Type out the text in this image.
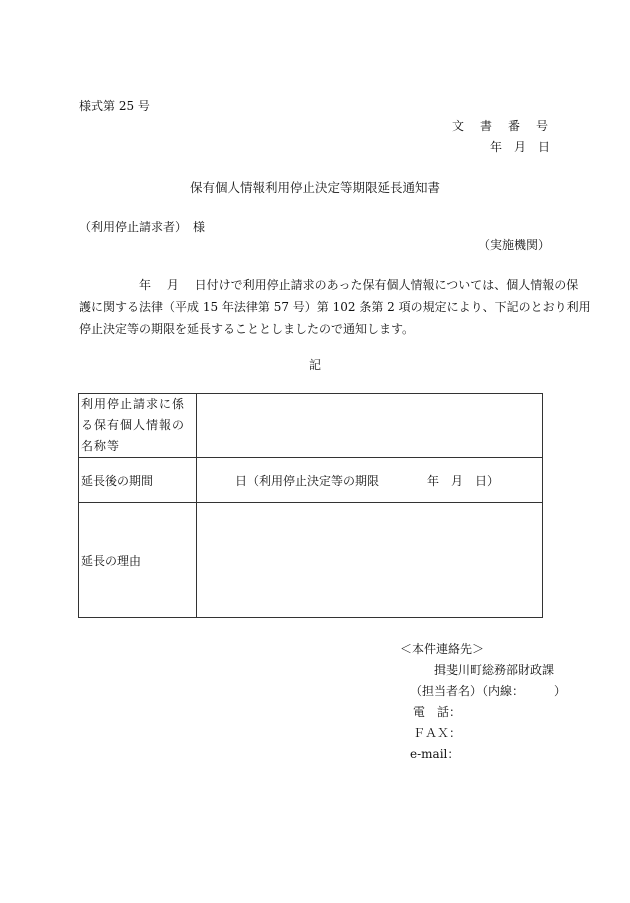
様式第 25 号
文　書　番　号
年　月　日
保有個人情報利用停止決定等期限延長通知書
（利用停止請求者）　様
（実施機関）

　　　　　年　 月　 日付けで利用停止請求のあった保有個人情報については、個人情報の保

護に関する法律（平成 15 年法律第 57 号）第 102 条第 2 項の規定により、下記のとおり利用

停止決定等の期限を延長することとしましたので通知します。

記
利用停止請求に係る保有個人情報の名称等	
延長後の期間	日（利用停止決定等の期限 年　月　日）

延長の理由	
＜本件連絡先＞
揖斐川町総務部財政課
（担当者名）（内線：　　　）
電　話：
ＦＡＸ：
e-mail：
